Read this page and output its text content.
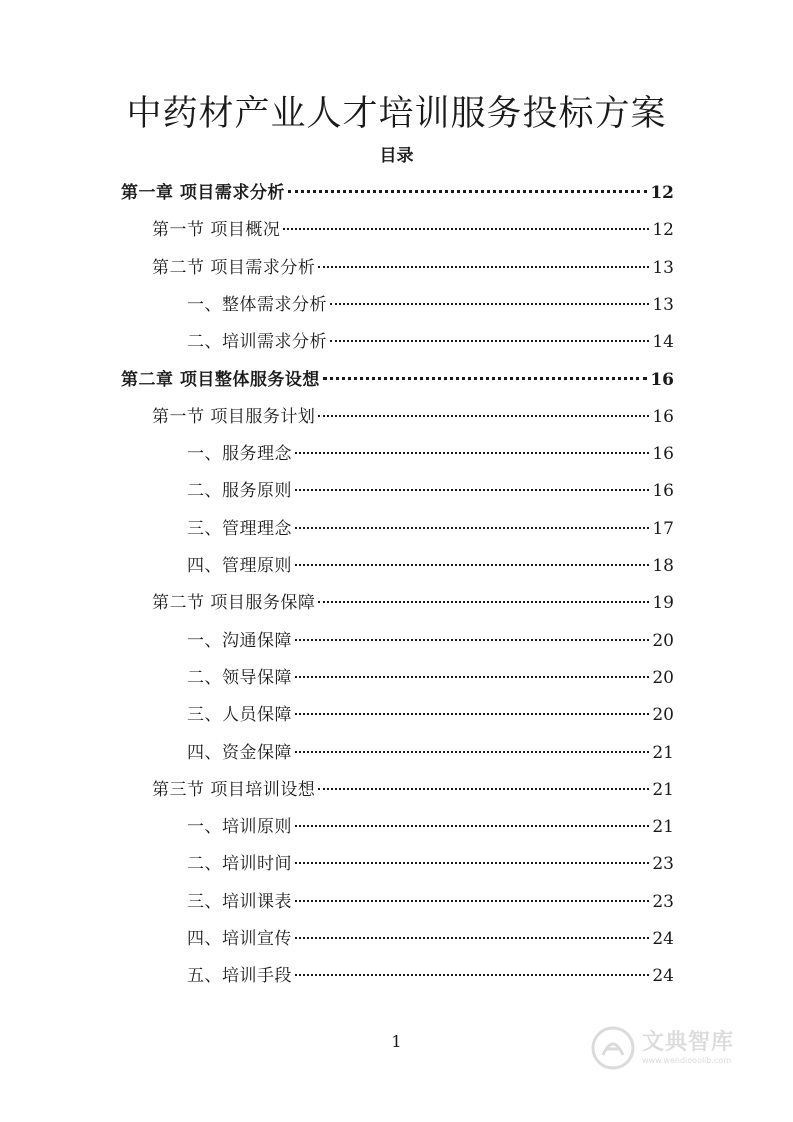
中药材产业人才培训服务投标方案
目录
第一章 项目需求分析	12
第一节 项目概况	12
第二节 项目需求分析	13
一、整体需求分析	13
二、培训需求分析	14
第二章 项目整体服务设想	16
第一节 项目服务计划	16
一、服务理念	16
二、服务原则	16
三、管理理念	17
四、管理原则	18
第二节 项目服务保障	19
一、沟通保障	20
二、领导保障	20
三、人员保障	20
四、资金保障	21
第三节 项目培训设想	21
一、培训原则	21
二、培训时间	23
三、培训课表	23
四、培训宣传	24
五、培训手段	24
1	文典智库
www.wendiooolib.com
